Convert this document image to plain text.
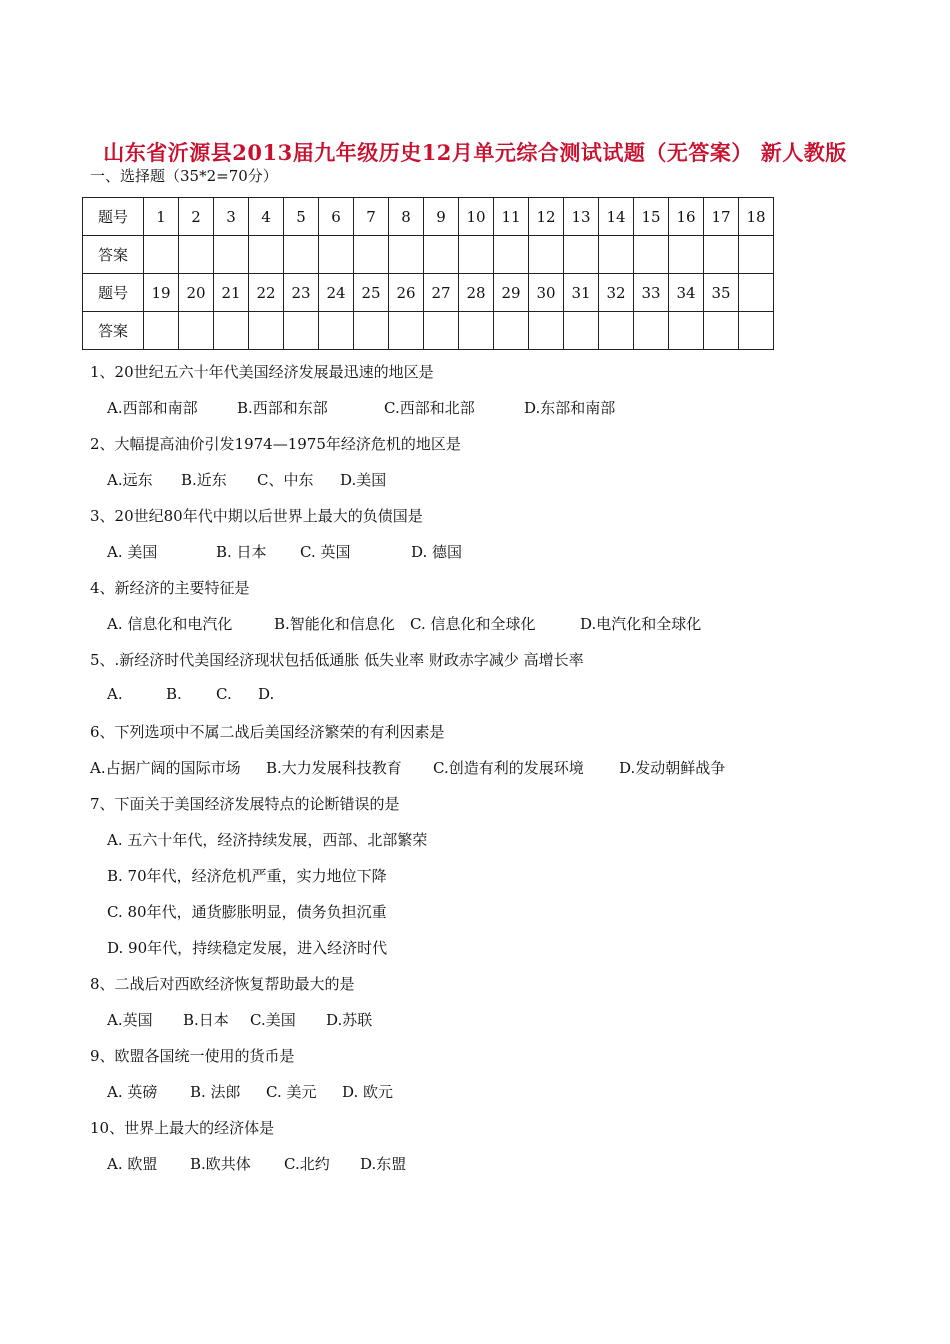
山东省沂源县2013届九年级历史12月单元综合测试试题（无答案） 新人教版
一、选择题（35*2=70分）
题号	1	2	3	4	5	6	7	8	9	10	11	12	13	14	15	16	17	18
答案																		
题号	19	20	21	22	23	24	25	26	27	28	29	30	31	32	33	34	35	
答案																		
1、20世纪五六十年代美国经济发展最迅速的地区是
A.西部和南部	B.西部和东部	C.西部和北部	D.东部和南部
2、大幅提高油价引发1974—1975年经济危机的地区是
A.远东 B.近东 C、中东 D.美国
3、20世纪80年代中期以后世界上最大的负债国是
A. 美国	B. 日本 C. 英国	D. 德国
4、新经济的主要特征是
A. 信息化和电汽化	B.智能化和信息化 C. 信息化和全球化	D.电汽化和全球化
5、.新经济时代美国经济现状包括低通胀 低失业率 财政赤字减少 高增长率
A.	B. C. D.
6、下列选项中不属二战后美国经济繁荣的有利因素是
A.占据广阔的国际市场 B.大力发展科技教育 C.创造有利的发展环境 D.发动朝鲜战争
7、下面关于美国经济发展特点的论断错误的是
A. 五六十年代，经济持续发展，西部、北部繁荣
B. 70年代，经济危机严重，实力地位下降
C. 80年代，通货膨胀明显，债务负担沉重
D. 90年代，持续稳定发展，进入经济时代
8、二战后对西欧经济恢复帮助最大的是
A.英国 B.日本 C.美国 D.苏联
9、欧盟各国统一使用的货币是
A. 英磅 B. 法郎 C. 美元 D. 欧元
10、世界上最大的经济体是
A. 欧盟 B.欧共体 C.北约 D.东盟
